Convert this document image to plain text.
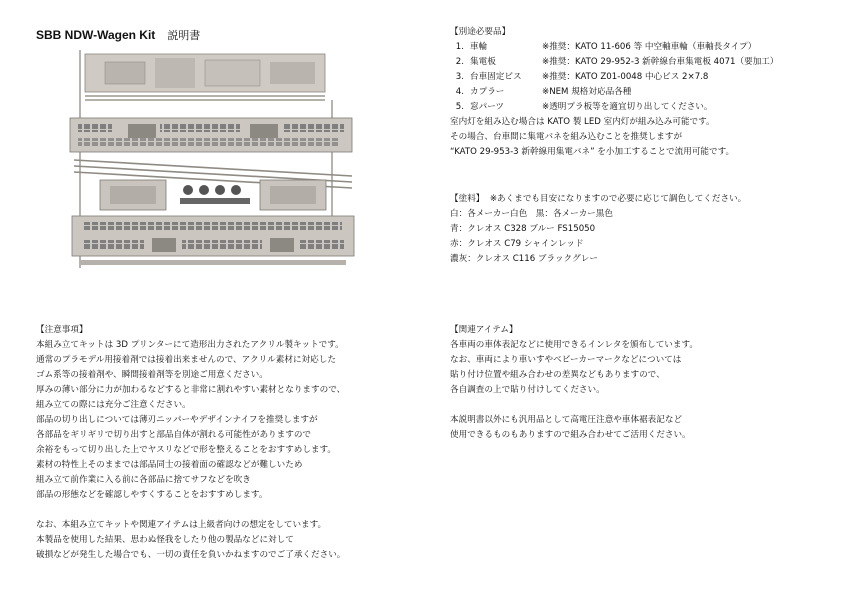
SBB NDW-Wagen Kit 説明書	【別途必要品】
1. 車輪	※推奨：KATO 11-606 等 中空軸車輪（車軸長タイプ）
2. 集電板	※推奨：KATO 29-952-3 新幹線台車集電板 4071（要加工）
3. 台車固定ビス ※推奨：KATO Z01-0048 中心ビス 2×7.8
4. カプラー	※NEM 規格対応品各種
5. 窓パーツ	※透明プラ板等を適宜切り出してください。
室内灯を組み込む場合は KATO 製 LED 室内灯が組み込み可能です。
その場合、台車間に集電バネを組み込むことを推奨しますが
“KATO 29-953-3 新幹線用集電バネ” を小加工することで流用可能です。
【塗料】 ※あくまでも目安になりますので必要に応じて調色してください。
白：各メーカー白色　黒：各メーカー黒色
青：クレオス C328 ブルー FS15050
赤：クレオス C79 シャインレッド
濃灰：クレオス C116 ブラックグレー
【注意事項】
本組み立てキットは 3D プリンターにて造形出力されたアクリル製キットです。
通常のプラモデル用接着剤では接着出来ませんので、アクリル素材に対応した
ゴム系等の接着剤や、瞬間接着剤等を別途ご用意ください。
厚みの薄い部分に力が加わるなどすると非常に割れやすい素材となりますので、
組み立ての際には充分ご注意ください。
部品の切り出しについては薄刃ニッパーやデザインナイフを推奨しますが
各部品をギリギリで切り出すと部品自体が割れる可能性がありますので
余裕をもって切り出した上でヤスリなどで形を整えることをおすすめします。
素材の特性上そのままでは部品同士の接着面の確認などが難しいため
組み立て前作業に入る前に各部品に捨てサフなどを吹き
部品の形態などを確認しやすくすることをおすすめします。
なお、本組み立てキットや関連アイテムは上級者向けの想定をしています。
本製品を使用した結果、思わぬ怪我をしたり他の製品などに対して
破損などが発生した場合でも、一切の責任を負いかねますのでご了承ください。
【関連アイテム】
各車両の車体表記などに使用できるインレタを頒布しています。
なお、車両により車いすやベビーカーマークなどについては
貼り付け位置や組み合わせの差異などもありますので、
各自調査の上で貼り付けしてください。
本説明書以外にも汎用品として高電圧注意や車体裾表記など
使用できるものもありますので組み合わせてご活用ください。
